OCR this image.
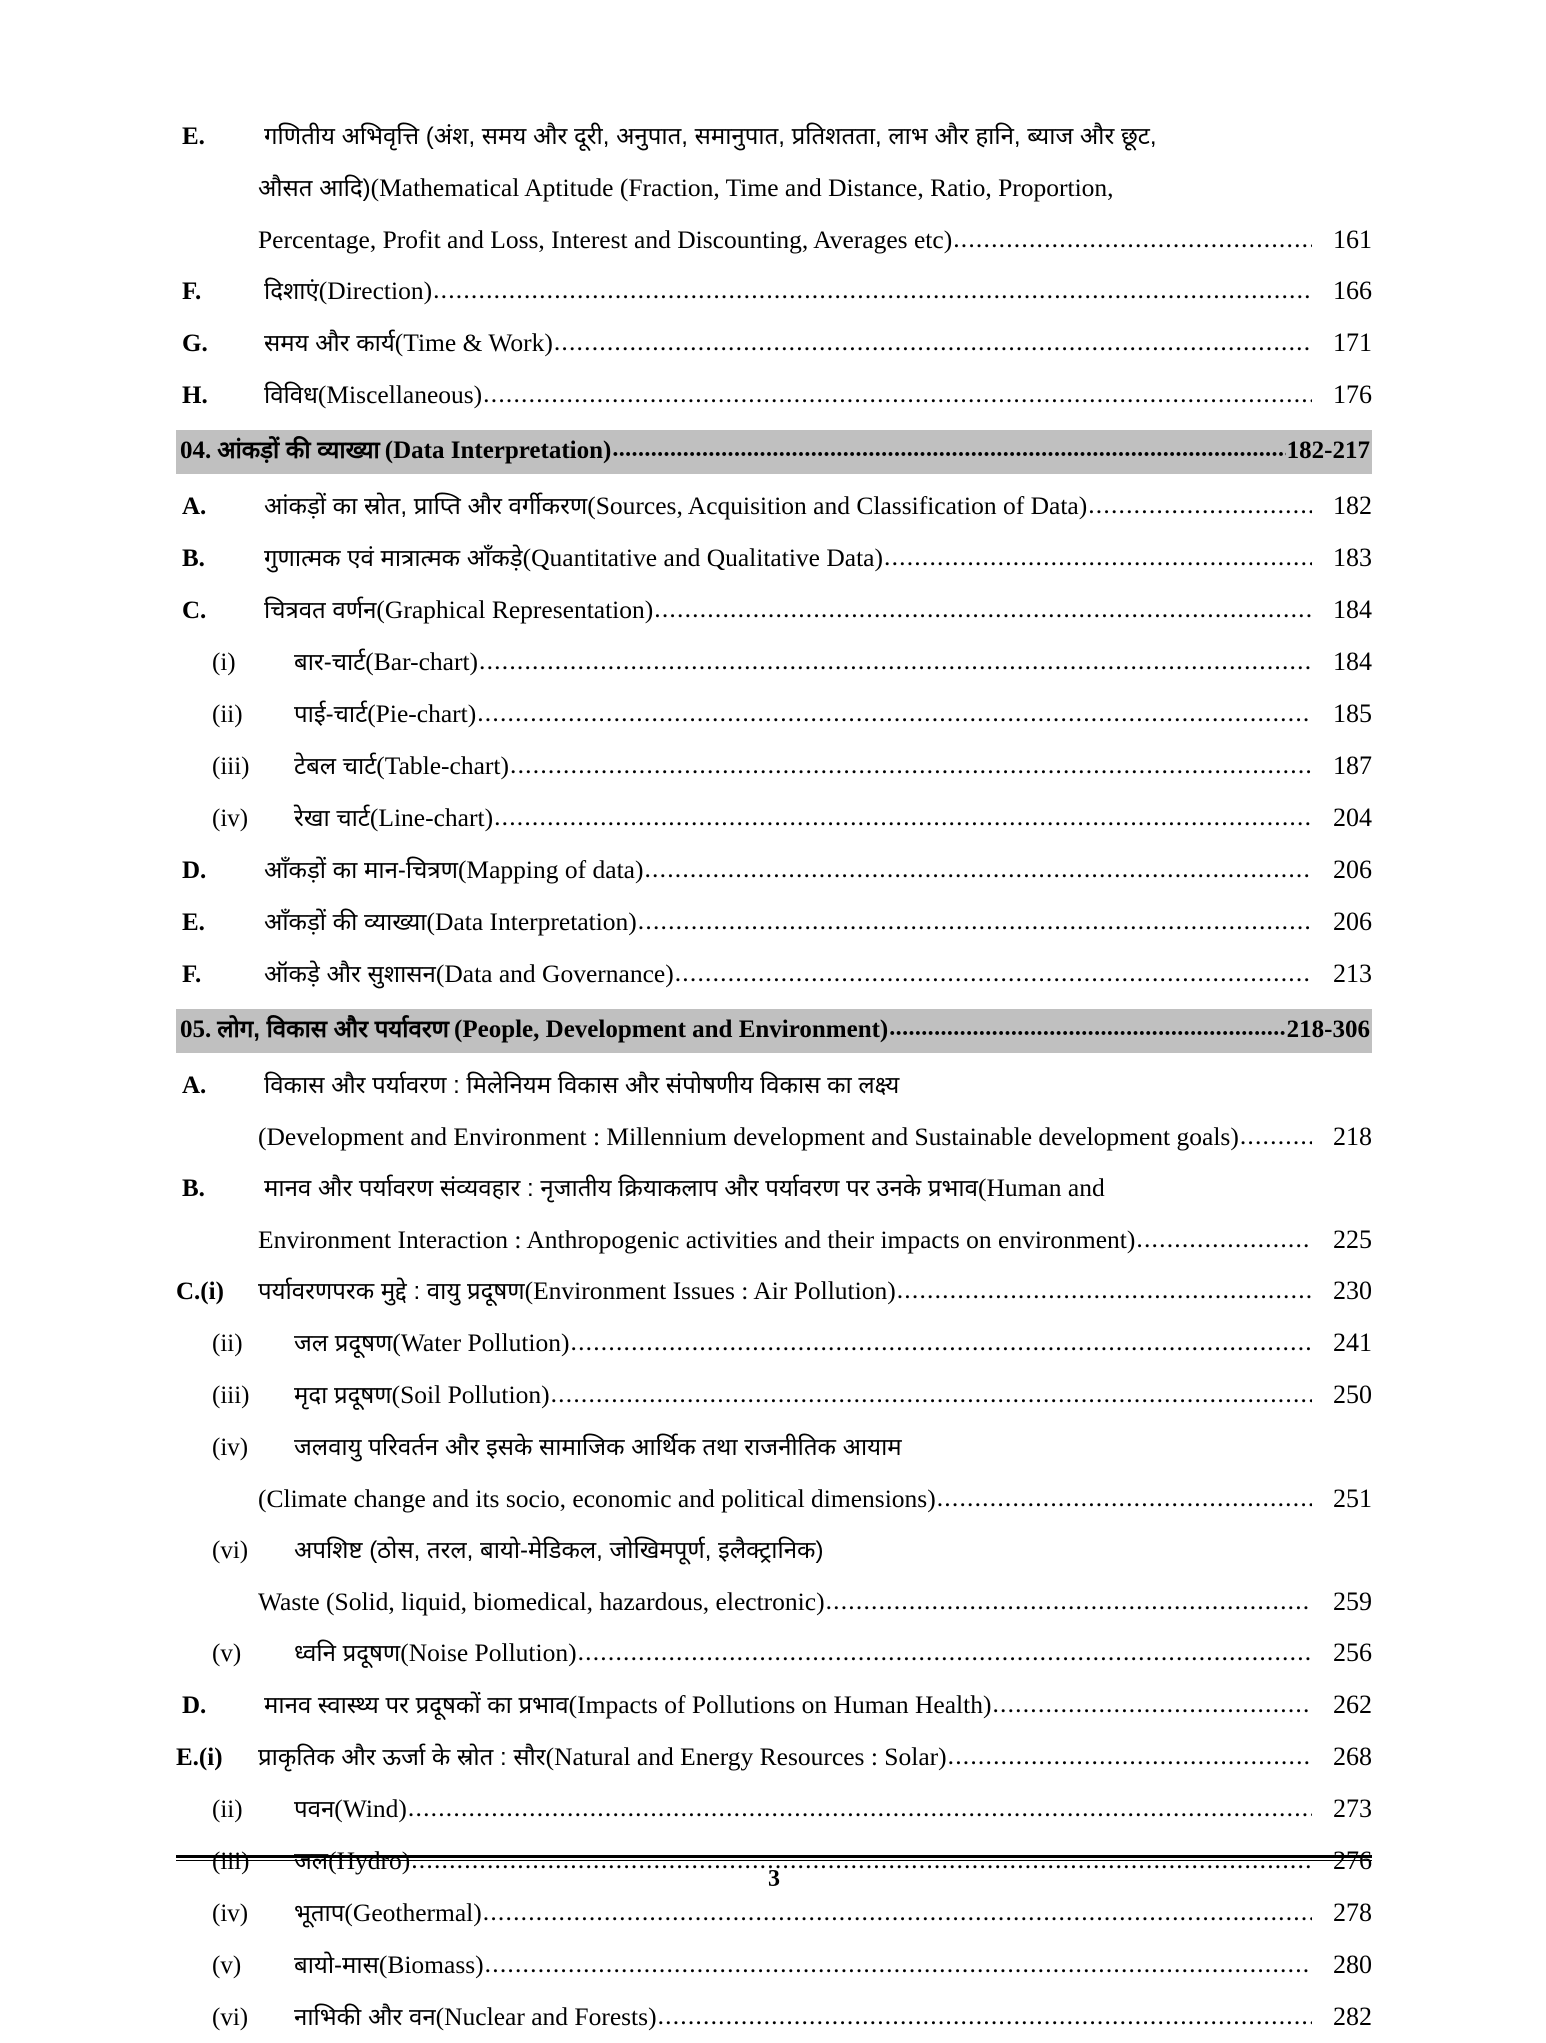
E.	गणितीय अभिवृत्ति (अंश, समय और दूरी, अनुपात, समानुपात, प्रतिशतता, लाभ और हानि, ब्याज और छूट,
औसत आदि) (Mathematical Aptitude (Fraction, Time and Distance, Ratio, Proportion,
Percentage, Profit and Loss, Interest and Discounting, Averages etc) .....	161
F.	दिशाएं (Direction) .....	166
G.	समय और कार्य (Time & Work) .....	171
H.	विविध (Miscellaneous) .....	176
04. आंकड़ों की व्याख्या (Data Interpretation) .....	182-217
A.	आंकड़ों का स्रोत, प्राप्ति और वर्गीकरण (Sources, Acquisition and Classification of Data) .....	182
B.	गुणात्मक एवं मात्रात्मक आँकड़े (Quantitative and Qualitative Data) .....	183
C.	चित्रवत वर्णन (Graphical Representation) .....	184
(i)	बार-चार्ट (Bar-chart) .....	184
(ii)	पाई-चार्ट (Pie-chart) .....	185
(iii)	टेबल चार्ट (Table-chart) .....	187
(iv)	रेखा चार्ट (Line-chart) .....	204
D.	आँकड़ों का मान-चित्रण (Mapping of data) .....	206
E.	आँकड़ों की व्याख्या (Data Interpretation) .....	206
F.	ऑकड़े और सुशासन (Data and Governance) .....	213
05. लोग, विकास और पर्यावरण (People, Development and Environment) .....	218-306
A.	विकास और पर्यावरण : मिलेनियम विकास और संपोषणीय विकास का लक्ष्य
(Development and Environment : Millennium development and Sustainable development goals) .....	218
B.	मानव और पर्यावरण संव्यवहार : नृजातीय क्रियाकलाप और पर्यावरण पर उनके प्रभाव (Human and
Environment Interaction : Anthropogenic activities and their impacts on environment) .....	225
C.(i)	पर्यावरणपरक मुद्दे : वायु प्रदूषण (Environment Issues : Air Pollution) .....	230
(ii)	जल प्रदूषण (Water Pollution) .....	241
(iii)	मृदा प्रदूषण (Soil Pollution) .....	250
(iv)	जलवायु परिवर्तन और इसके सामाजिक आर्थिक तथा राजनीतिक आयाम
(Climate change and its socio, economic and political dimensions) .....	251
(vi)	अपशिष्ट (ठोस, तरल, बायो-मेडिकल, जोखिमपूर्ण, इलैक्ट्रानिक)
Waste (Solid, liquid, biomedical, hazardous, electronic) .....	259
(v)	ध्वनि प्रदूषण (Noise Pollution) .....	256
D.	मानव स्वास्थ्य पर प्रदूषकों का प्रभाव (Impacts of Pollutions on Human Health) .....	262
E.(i)	प्राकृतिक और ऊर्जा के स्रोत : सौर (Natural and Energy Resources : Solar) .....	268
(ii)	पवन (Wind) .....	273
(iii)	जल (Hydro) .....	276
(iv)	भूताप (Geothermal) .....	278
(v)	बायो-मास (Biomass) .....	280
(vi)	नाभिकी और वन (Nuclear and Forests) .....	282
3
